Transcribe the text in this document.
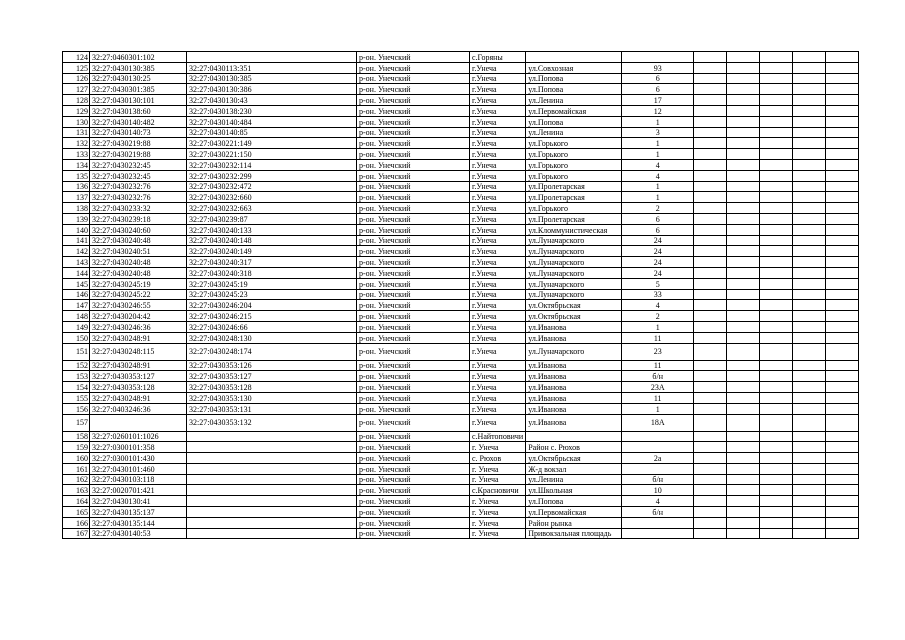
124	32:27:0460301:102		р-он. Унечский	с.Горяны							
125	32:27:0430130:385	32:27:0430113:351	р-он. Унечский	г.Унеча	ул.Совхозная	93					
126	32:27:0430130:25	32:27:0430130:385	р-он. Унечский	г.Унеча	ул.Попова	6					
127	32:27:0430301:385	32:27:0430130:386	р-он. Унечский	г.Унеча	ул.Попова	6					
128	32:27:0430130:101	32:27:0430130:43	р-он. Унечский	г.Унеча	ул.Ленина	17					
129	32:27:0430138:60	32:27:0430138:230	р-он. Унечский	г.Унеча	ул.Первомайская	12					
130	32:27:0430140:482	32:27:0430140:484	р-он. Унечский	г.Унеча	ул.Попова	1					
131	32:27:0430140:73	32:27:0430140:85	р-он. Унечский	г.Унеча	ул.Ленина	3					
132	32:27:0430219:88	32:27:0430221:149	р-он. Унечский	г.Унеча	ул.Горького	1					
133	32:27:0430219:88	32:27:0430221:150	р-он. Унечский	г.Унеча	ул.Горького	1					
134	32:27:0430232:45	32:27:0430232:114	р-он. Унечский	г.Унеча	ул.Горького	4					
135	32:27:0430232:45	32:27:0430232:299	р-он. Унечский	г.Унеча	ул.Горького	4					
136	32:27:0430232:76	32:27:0430232:472	р-он. Унечский	г.Унеча	ул.Пролетарская	1					
137	32:27:0430232:76	32:27:0430232:660	р-он. Унечский	г.Унеча	ул.Пролетарская	1					
138	32:27:0430233:32	32:27:0430232:663	р-он. Унечский	г.Унеча	ул.Горького	2					
139	32:27:0430239:18	32:27:0430239:87	р-он. Унечский	г.Унеча	ул.Пролетарская	6					
140	32:27:0430240:60	32:27:0430240:133	р-он. Унечский	г.Унеча	ул.Кломмунистическая	6					
141	32:27:0430240:48	32:27:0430240:148	р-он. Унечский	г.Унеча	ул.Луначарского	24					
142	32:27:0430240:51	32:27:0430240:149	р-он. Унечский	г.Унеча	ул.Луначарского	24					
143	32:27:0430240:48	32:27:0430240:317	р-он. Унечский	г.Унеча	ул.Луначарского	24					
144	32:27:0430240:48	32:27:0430240:318	р-он. Унечский	г.Унеча	ул.Луначарского	24					
145	32:27:0430245:19	32:27:0430245:19	р-он. Унечский	г.Унеча	ул.Луначарского	5					
146	32:27:0430245:22	32:27:0430245:23	р-он. Унечский	г.Унеча	ул.Луначарского	33					
147	32:27:0430246:55	32:27:0430246:204	р-он. Унечский	г.Унеча	ул.Октябрьская	4					
148	32:27:0430204:42	32:27:0430246:215	р-он. Унечский	г.Унеча	ул.Октябрьская	2					
149	32:27:0430246:36	32:27:0430246:66	р-он. Унечский	г.Унеча	ул.Иванова	1					
150	32:27:0430248:91	32:27:0430248:130	р-он. Унечский	г.Унеча	ул.Иванова	11					
151	32:27:0430248:115	32:27:0430248:174	р-он. Унечский	г.Унеча	ул.Луначарского	23					
152	32:27:0430248:91	32:27:0430353:126	р-он. Унечский	г.Унеча	ул.Иванова	11					
153	32:27:0430353:127	32:27:0430353:127	р-он. Унечский	г.Унеча	ул.Иванова	б/н					
154	32:27:0430353:128	32:27:0430353:128	р-он. Унечский	г.Унеча	ул.Иванова	23А					
155	32:27:0430248:91	32:27:0430353:130	р-он. Унечский	г.Унеча	ул.Иванова	11					
156	32:27:0403246:36	32:27:0430353:131	р-он. Унечский	г.Унеча	ул.Иванова	1					
157		32:27:0430353:132	р-он. Унечский	г.Унеча	ул.Иванова	18А					
158	32:27:0260101:1026		р-он. Унечский	с.Найтоповичи							
159	32:27:0300101:358		р-он. Унечский	г. Унеча	Район с. Рюхов						
160	32:27:0300101:430		р-он. Унечский	с. Рюхов	ул.Октябрьская	2а					
161	32:27:0430101:460		р-он. Унечский	г. Унеча	Ж-д вокзал						
162	32:27:0430103:118		р-он. Унечский	г. Унеча	ул.Ленина	б/н					
163	32:27:0020701:421		р-он. Унечский	с.Красновичи	ул.Школьная	10					
164	32:27:0430130:41		р-он. Унечский	г. Унеча	ул.Попова	4					
165	32:27:0430135:137		р-он. Унечский	г. Унеча	ул.Первомайская	б/н					
166	32:27:0430135:144		р-он. Унечский	г. Унеча	Район рынка						
167	32:27:0430140:53		р-он. Унечский	г. Унеча	Привокзальная площадь						
